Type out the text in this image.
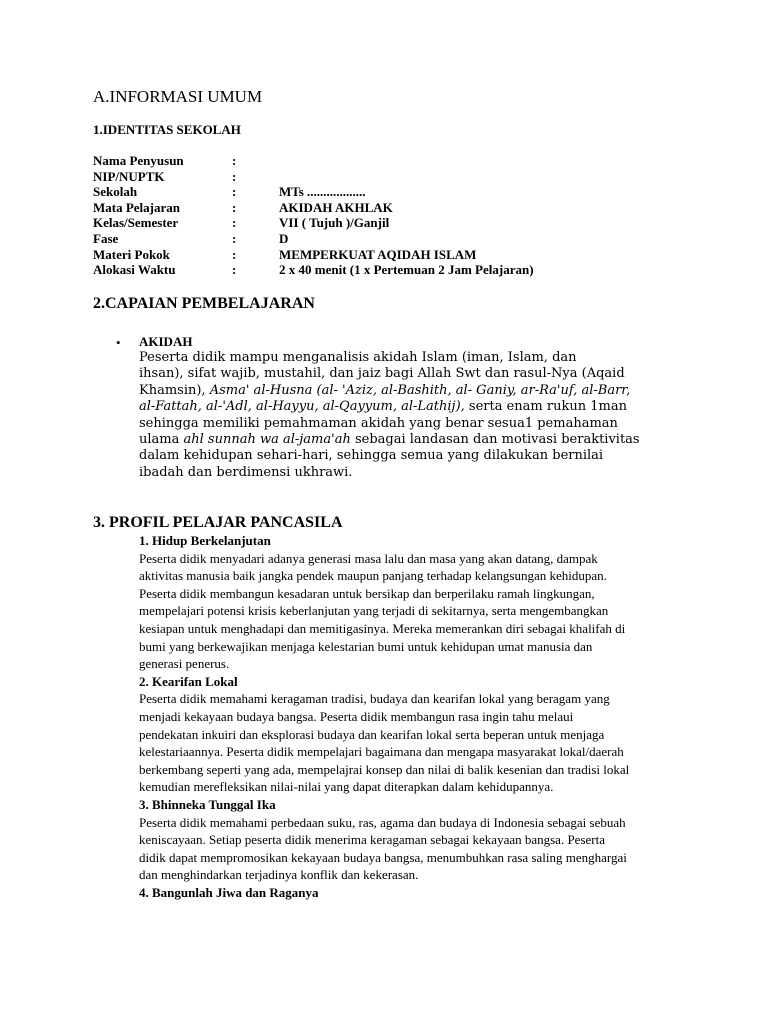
A.INFORMASI UMUM
1.IDENTITAS SEKOLAH
Nama Penyusun	:
NIP/NUPTK	:
Sekolah	:	MTs ..................
Mata Pelajaran	:	AKIDAH AKHLAK
Kelas/Semester	:	VII ( Tujuh )/Ganjil
Fase	:	D
Materi Pokok	:	MEMPERKUAT AQIDAH ISLAM
Alokasi Waktu	:	2 x 40 menit (1 x Pertemuan 2 Jam Pelajaran)
2.CAPAIAN PEMBELAJARAN
• AKIDAH
Peserta didik mampu menganalisis akidah Islam (iman, Islam, dan
ihsan), sifat wajib, mustahil, dan jaiz bagi Allah Swt dan rasul-Nya (Aqaid
Khamsin), Asma' al-Husna (al- 'Aziz, al-Bashith, al- Ganiy, ar-Ra'uf, al-Barr,
al-Fattah, al-'Adl, al-Hayyu, al-Qayyum, al-Lathij), serta enam rukun 1man
sehingga memiliki pemahmaman akidah yang benar sesua1 pemahaman
ulama ahl sunnah wa al-jama'ah sebagai landasan dan motivasi beraktivitas
dalam kehidupan sehari-hari, sehingga semua yang dilakukan bernilai
ibadah dan berdimensi ukhrawi.
3. PROFIL PELAJAR PANCASILA
1. Hidup Berkelanjutan
Peserta didik menyadari adanya generasi masa lalu dan masa yang akan datang, dampak
aktivitas manusia baik jangka pendek maupun panjang terhadap kelangsungan kehidupan.
Peserta didik membangun kesadaran untuk bersikap dan berperilaku ramah lingkungan,
mempelajari potensi krisis keberlanjutan yang terjadi di sekitarnya, serta mengembangkan
kesiapan untuk menghadapi dan memitigasinya. Mereka memerankan diri sebagai khalifah di
bumi yang berkewajikan menjaga kelestarian bumi untuk kehidupan umat manusia dan
generasi penerus.
2. Kearifan Lokal
Peserta didik memahami keragaman tradisi, budaya dan kearifan lokal yang beragam yang
menjadi kekayaan budaya bangsa. Peserta didik membangun rasa ingin tahu melaui
pendekatan inkuiri dan eksplorasi budaya dan kearifan lokal serta beperan untuk menjaga
kelestariaannya. Peserta didik mempelajari bagaimana dan mengapa masyarakat lokal/daerah
berkembang seperti yang ada, mempelajrai konsep dan nilai di balik kesenian dan tradisi lokal
kemudian merefleksikan nilai-nilai yang dapat diterapkan dalam kehidupannya.
3. Bhinneka Tunggal Ika
Peserta didik memahami perbedaan suku, ras, agama dan budaya di Indonesia sebagai sebuah
keniscayaan. Setiap peserta didik menerima keragaman sebagai kekayaan bangsa. Peserta
didik dapat mempromosikan kekayaan budaya bangsa, menumbuhkan rasa saling menghargai
dan menghindarkan terjadinya konflik dan kekerasan.
4. Bangunlah Jiwa dan Raganya
